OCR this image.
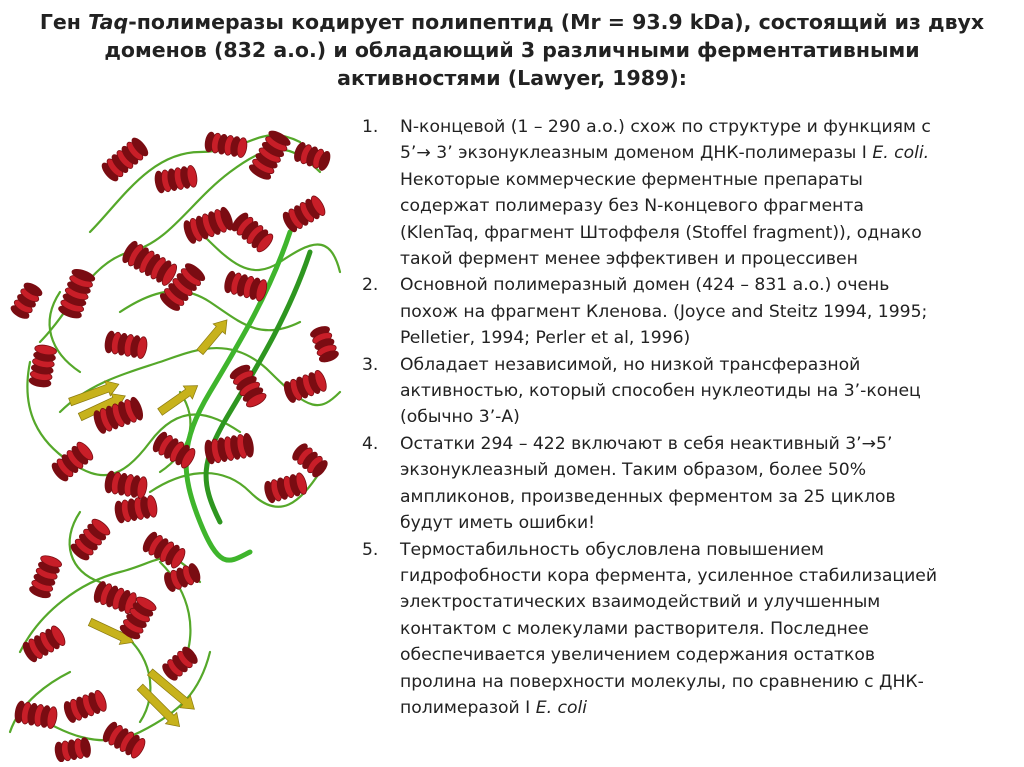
Ген Taq-полимеразы кодирует полипептид (Mr = 93.9 kDa), состоящий из двух
доменов (832 а.о.) и обладающий 3 различными ферментативными
активностями (Lawyer, 1989):
1. N-концевой (1 – 290 а.о.) схож по структуре и функциям с
5’→ 3’ экзонуклеазным доменом ДНК-полимеразы I E. coli.
Некоторые коммерческие ферментные препараты
содержат полимеразу без N-концевого фрагмента
(KlenTaq, фрагмент Штоффеля (Stoffel fragment)), однако
такой фермент менее эффективен и процессивен
2. Основной полимеразный домен (424 – 831 а.о.) очень
похож на фрагмент Кленова. (Joyce and Steitz 1994, 1995;
Pelletier, 1994; Perler et al, 1996)
3. Обладает независимой, но низкой трансферазной
активностью, который способен нуклеотиды на 3’-конец
(обычно 3’-А)
4. Остатки 294 – 422 включают в себя неактивный 3’→5’
экзонуклеазный домен. Таким образом, более 50%
ампликонов, произведенных ферментом за 25 циклов
будут иметь ошибки!
5. Термостабильность обусловлена повышением
гидрофобности кора фермента, усиленное стабилизацией
электростатических взаимодействий и улучшенным
контактом с молекулами растворителя. Последнее
обеспечивается увеличением содержания остатков
пролина на поверхности молекулы, по сравнению с ДНК-
полимеразой I E. coli
